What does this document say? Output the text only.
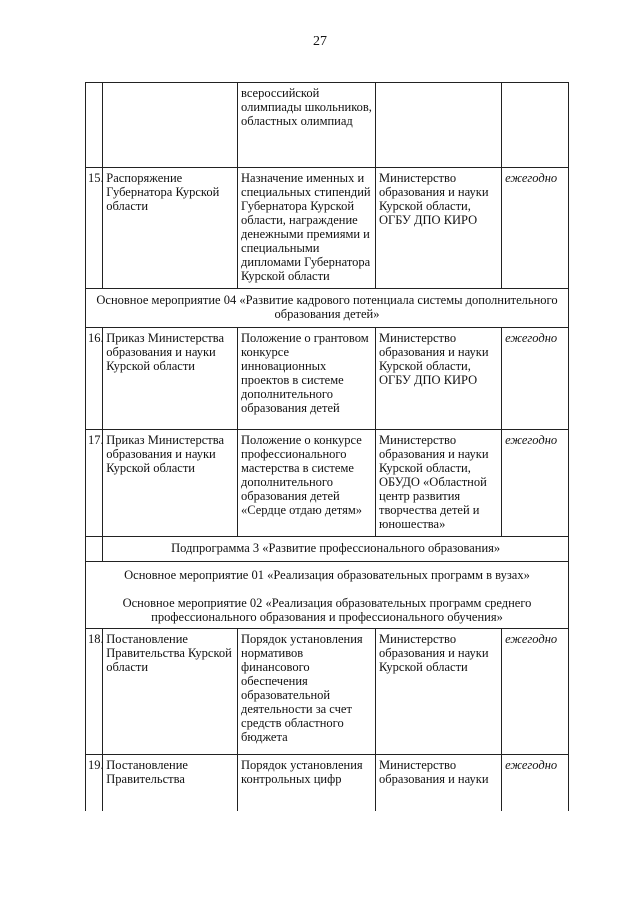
27
		всероссийской олимпиады школьников, областных олимпиад		
15.	Распоряжение Губернатора Курской области	Назначение именных и специальных стипендий Губернатора Курской области, награждение денежными премиями и специальными дипломами Губернатора Курской области	Министерство образования и науки Курской области, ОГБУ ДПО КИРО	ежегодно
Основное мероприятие 04 «Развитие кадрового потенциала системы дополнительного образования детей»				
16.	Приказ Министерства образования и науки Курской области	Положение о грантовом конкурсе инновационных проектов в системе дополнительного образования детей	Министерство образования и науки Курской области, ОГБУ ДПО КИРО	ежегодно
17.	Приказ Министерства образования и науки Курской области	Положение о конкурсе профессионального мастерства в системе дополнительного образования детей «Сердце отдаю детям»	Министерство образования и науки Курской области, ОБУДО «Областной центр развития творчества детей и юношества»	ежегодно
	Подпрограмма 3 «Развитие профессионального образования»			

Основное мероприятие 01 «Реализация образовательных программ в вузах»
Основное мероприятие 02 «Реализация образовательных программ среднего профессионального образования и профессионального обучения»				

18.	Постановление Правительства Курской области	Порядок установления нормативов финансового обеспечения образовательной деятельности за счет средств областного бюджета	Министерство образования и науки Курской области	ежегодно
19.	Постановление Правительства	Порядок установления контрольных цифр	Министерство образования и науки	ежегодно
